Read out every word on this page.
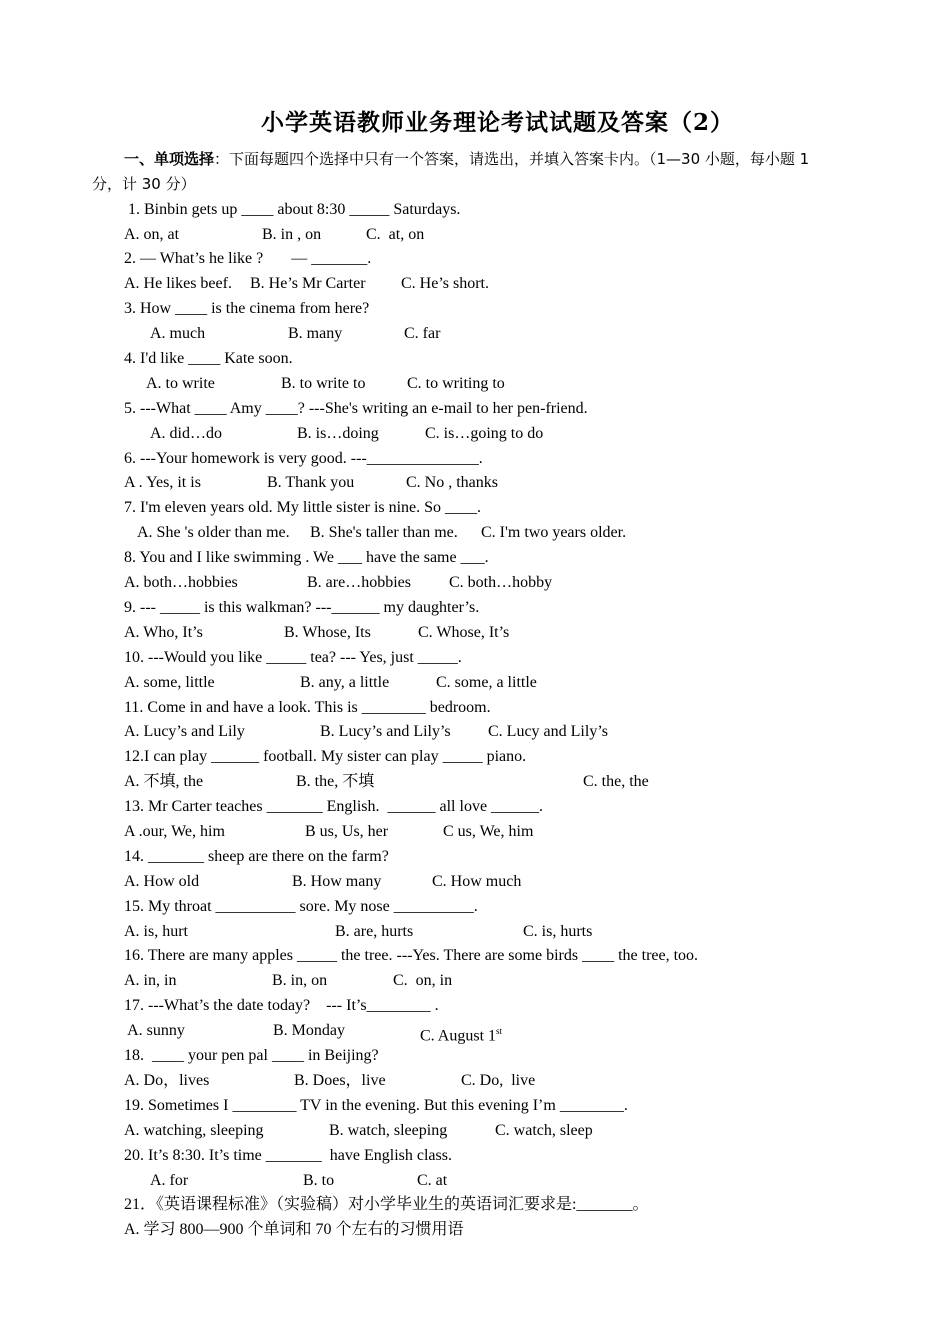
小学英语教师业务理论考试试题及答案（2）
一、单项选择：下面每题四个选择中只有一个答案，请选出，并填入答案卡内。（1—30 小题，每小题 1
分，计 30 分）
1. Binbin gets up ____ about 8:30 _____ Saturdays.
A. on, at	B. in , on	C.  at, on
2. — What’s he like ?       — _______.
A. He likes beef. B. He’s Mr Carter C. He’s short.
3. How ____ is the cinema from here?
A. much	B. many	C. far
4. I'd like ____ Kate soon.
A. to write	B. to write to	C. to writing to
5. ---What ____ Amy ____? ---She's writing an e-mail to her pen-friend.
A. did…do	B. is…doing	C. is…going to do
6. ---Your homework is very good. ---______________.
A . Yes, it is	B. Thank you	C. No , thanks
7. I'm eleven years old. My little sister is nine. So ____.
A. She 's older than me. B. She's taller than me. C. I'm two years older.
8. You and I like swimming . We ___ have the same ___.
A. both…hobbies	B. are…hobbies C. both…hobby
9. --- _____ is this walkman? ---______ my daughter’s.
A. Who, It’s	B. Whose, Its	C. Whose, It’s
10. ---Would you like _____ tea? --- Yes, just _____.
A. some, little	B. any, a little	C. some, a little
11. Come in and have a look. This is ________ bedroom.
A. Lucy’s and Lily	B. Lucy’s and Lily’s C. Lucy and Lily’s
12.I can play ______ football. My sister can play _____ piano.
A. 不填, the	B. the, 不填	C. the, the
13. Mr Carter teaches _______ English.  ______ all love ______.
A .our, We, him	B us, Us, her	C us, We, him
14. _______ sheep are there on the farm?
A. How old	B. How many	C. How much
15. My throat __________ sore. My nose __________.
A. is, hurt	B. are, hurts	C. is, hurts
16. There are many apples _____ the tree. ---Yes. There are some birds ____ the tree, too.
A. in, in	B. in, on	C.  on, in
17. ---What’s the date today?    --- It’s________ .
A. sunny	B. Monday	C. August 1st
18.  ____ your pen pal ____ in Beijing?
A. Do，lives	B. Does，live	C. Do,  live
19. Sometimes I ________ TV in the evening. But this evening I’m ________.
A. watching, sleeping	B. watch, sleeping	C. watch, sleep
20. It’s 8:30. It’s time _______  have English class.
A. for	B. to	C. at
21．《英语课程标准》（实验稿）对小学毕业生的英语词汇要求是:_______。
A. 学习 800—900 个单词和 70 个左右的习惯用语
